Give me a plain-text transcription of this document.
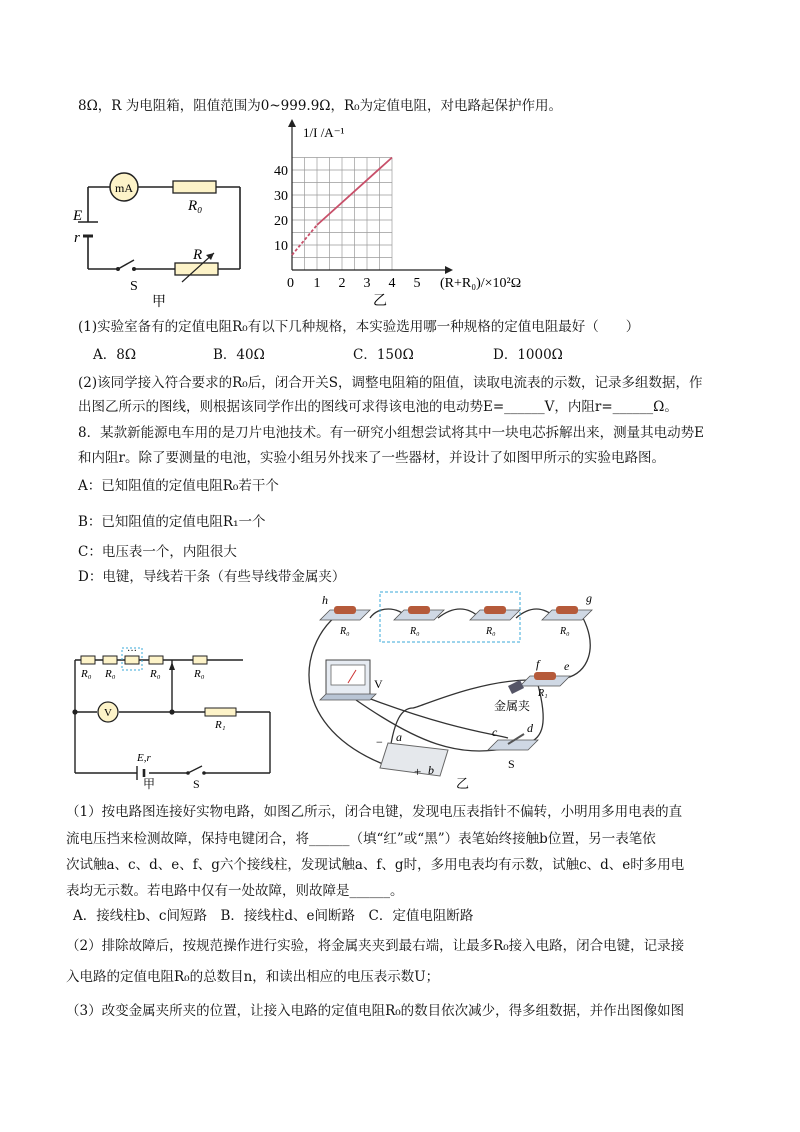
8Ω，R 为电阻箱，阻值范围为0~999.9Ω，R₀为定值电阻，对电路起保护作用。
mA
R₀
R
E
r
S
甲
1 2 3 4 5
10
20
30
40
1/I /A⁻¹
(R+R₀)/×10²Ω
0
乙
(1)实验室备有的定值电阻R₀有以下几种规格，本实验选用哪一种规格的定值电阻最好（　　）
A．8Ω	B．40Ω	C．150Ω	D．1000Ω
(2)该同学接入符合要求的R₀后，闭合开关S，调整电阻箱的阻值，读取电流表的示数，记录多组数据，作
出图乙所示的图线，则根据该同学作出的图线可求得该电池的电动势E=______V，内阻r=______Ω。
8．某款新能源电车用的是刀片电池技术。有一研究小组想尝试将其中一块电芯拆解出来，测量其电动势E
和内阻r。除了要测量的电池，实验小组另外找来了一些器材，并设计了如图甲所示的实验电路图。
A：已知阻值的定值电阻R₀若干个
B：已知阻值的定值电阻R₁一个
C：电压表一个，内阻很大
D：电键，导线若干条（有些导线带金属夹）
···
V
R₀ R₀	R₀	R₀
R₁
E,r
S
甲
h	g
f e
a
b
c d
R₀	R₀	R₀	R₀
R₁
V
金属夹
−
+	S
乙
（1）按电路图连接好实物电路，如图乙所示，闭合电键，发现电压表指针不偏转，小明用多用电表的直
流电压挡来检测故障，保持电键闭合，将______（填“红”或“黑”）表笔始终接触b位置，另一表笔依
次试触a、c、d、e、f、g六个接线柱，发现试触a、f、g时，多用电表均有示数，试触c、d、e时多用电
表均无示数。若电路中仅有一处故障，则故障是______。
A．接线柱b、c间短路　B．接线柱d、e间断路　C．定值电阻断路
（2）排除故障后，按规范操作进行实验，将金属夹夹到最右端，让最多R₀接入电路，闭合电键，记录接
入电路的定值电阻R₀的总数目n，和读出相应的电压表示数U；
（3）改变金属夹所夹的位置，让接入电路的定值电阻R₀的数目依次减少，得多组数据，并作出图像如图
